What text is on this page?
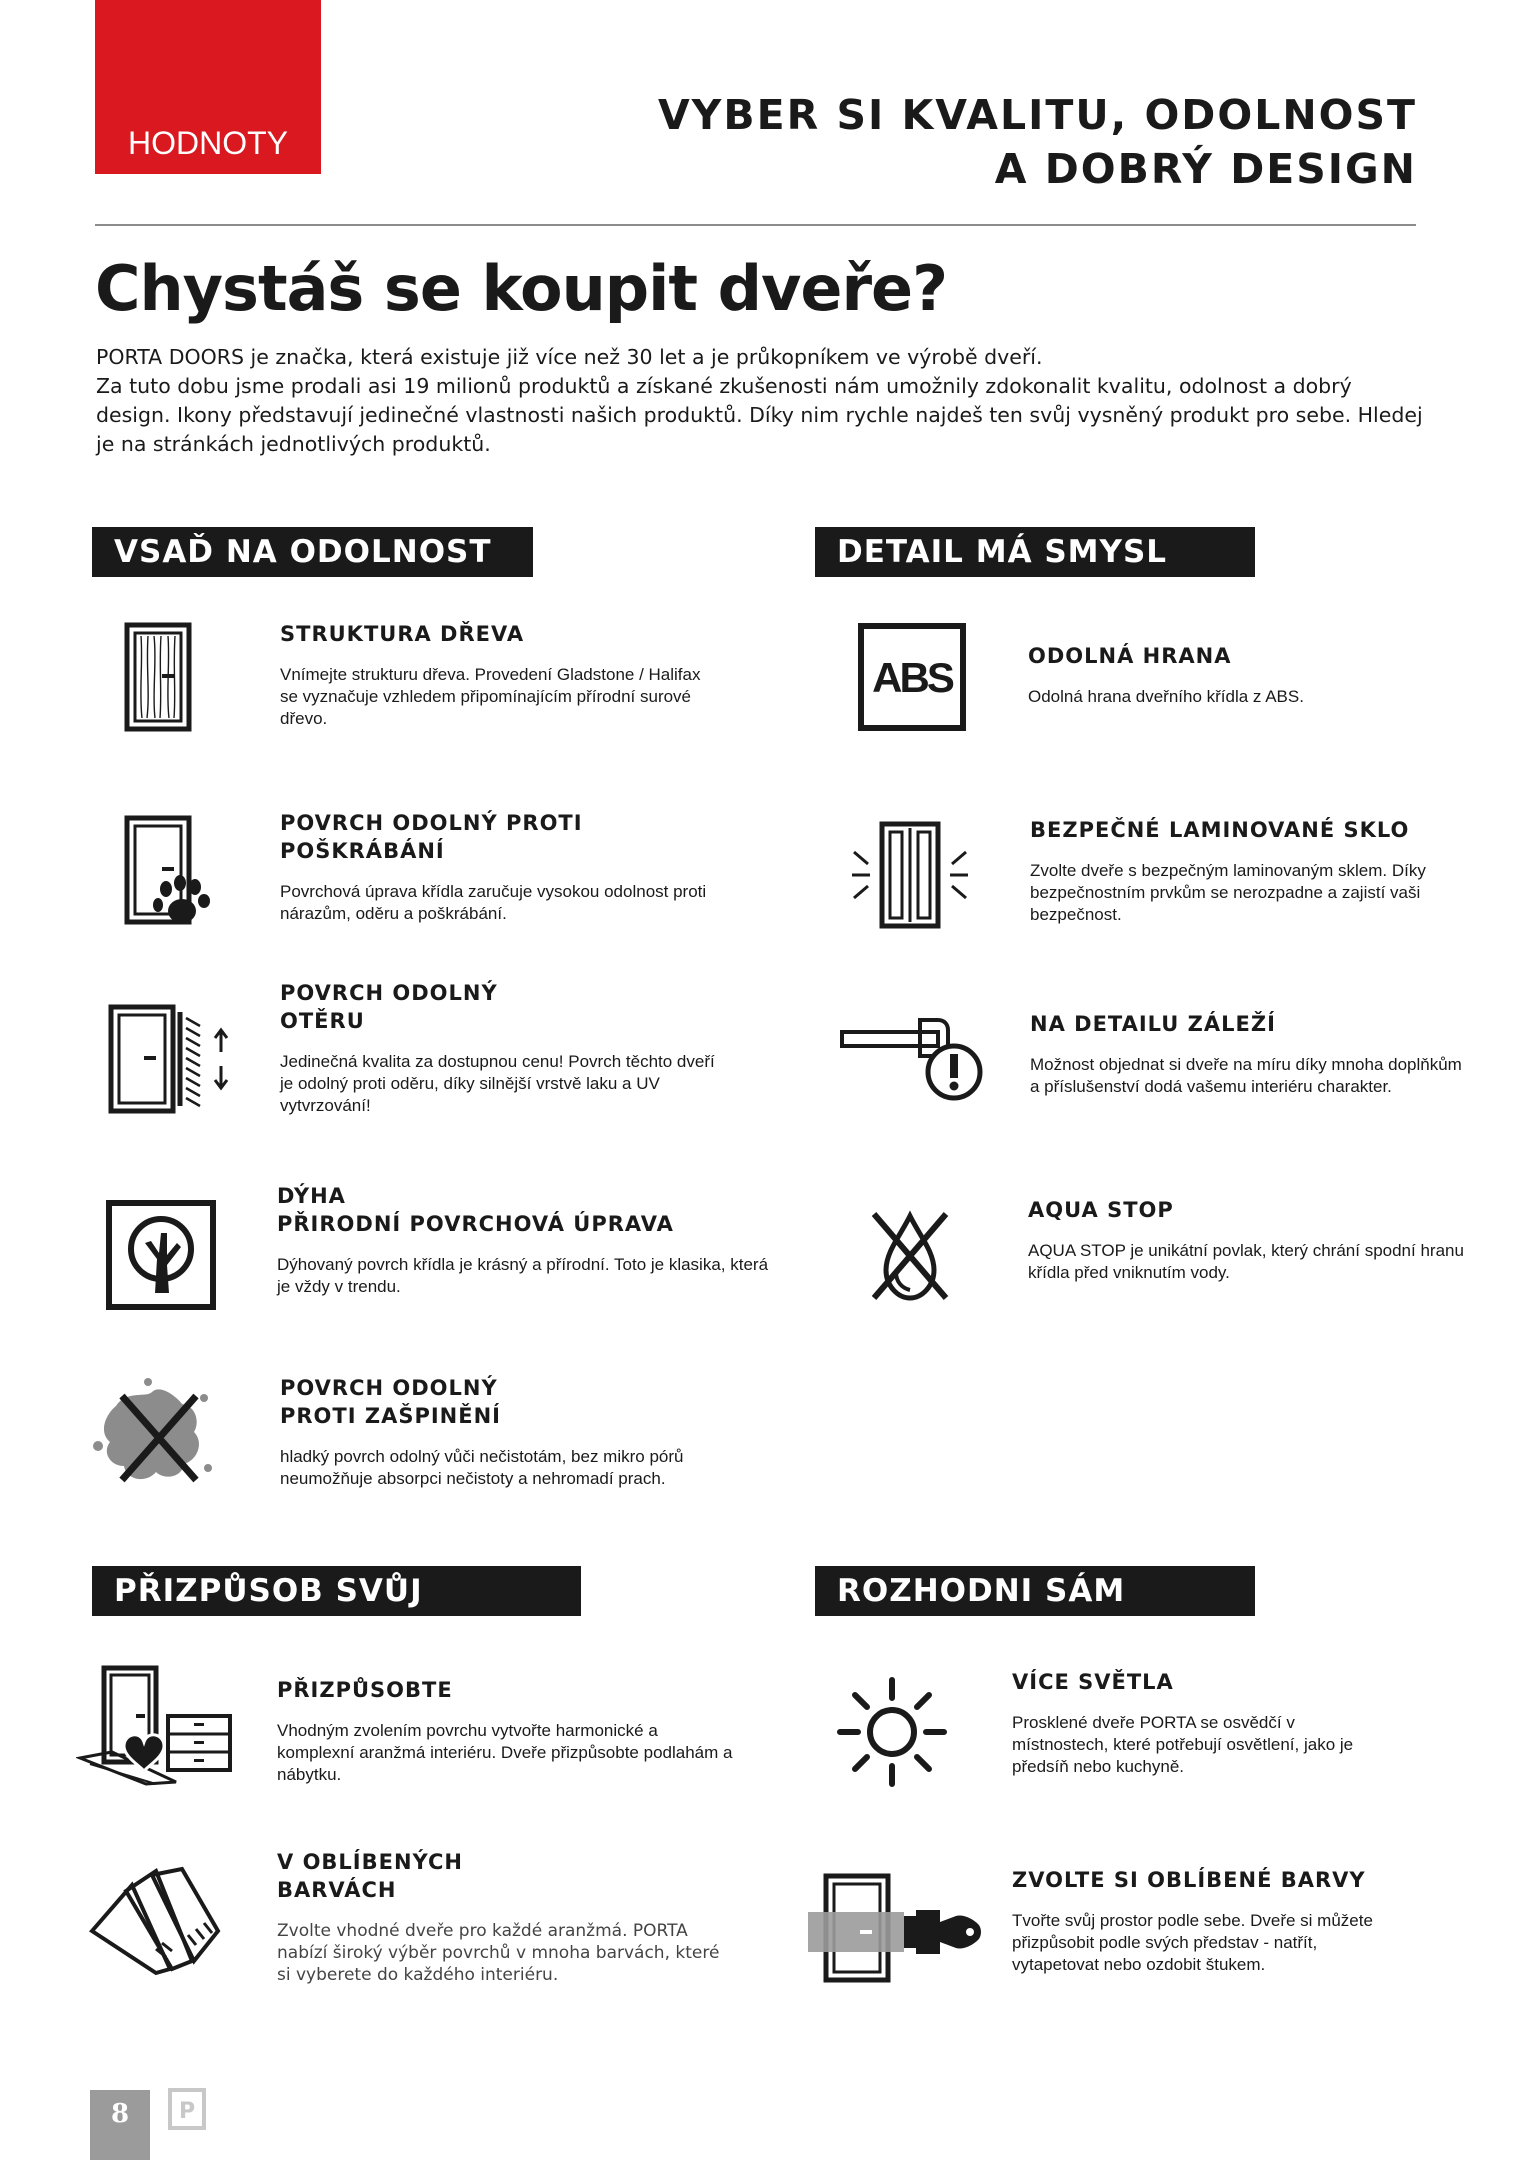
HODNOTY
VYBER SI KVALITU, ODOLNOST
A DOBRÝ DESIGN
Chystáš se koupit dveře?
PORTA DOORS je značka, která existuje již více než 30 let a je průkopníkem ve výrobě dveří.
Za tuto dobu jsme prodali asi 19 milionů produktů a získané zkušenosti nám umožnily zdokonalit kvalitu, odolnost a dobrý design. Ikony představují jedinečné vlastnosti našich produktů. Díky nim rychle najdeš ten svůj vysněný produkt pro sebe. Hledej je na stránkách jednotlivých produktů.
VSAĎ NA ODOLNOST	DETAIL MÁ SMYSL
PŘIZPŮSOB SVŮJ INTERIÉR
ROZHODNI SÁM
STRUKTURA DŘEVA
Vnímejte strukturu dřeva. Provedení Gladstone / Halifax se vyznačuje vzhledem připomínajícím přírodní surové dřevo.
POVRCH ODOLNÝ PROTI
POŠKRÁBÁNÍ
Povrchová úprava křídla zaručuje vysokou odolnost proti nárazům, oděru a poškrábání.
POVRCH ODOLNÝ
OTĚRU
Jedinečná kvalita za dostupnou cenu! Povrch těchto dveří je odolný proti oděru, díky silnější vrstvě laku a UV vytvrzování!
DÝHA
PŘIRODNÍ POVRCHOVÁ ÚPRAVA
Dýhovaný povrch křídla je krásný a přírodní. Toto je klasika, která je vždy v trendu.
POVRCH ODOLNÝ
PROTI ZAŠPINĚNÍ
hladký povrch odolný vůči nečistotám, bez mikro pórů neumožňuje absorpci nečistoty a nehromadí prach.
ABS	ODOLNÁ HRANA
Odolná hrana dveřního křídla z ABS.
BEZPEČNÉ LAMINOVANÉ SKLO
Zvolte dveře s bezpečným laminovaným sklem. Díky bezpečnostním prvkům se nerozpadne a zajistí vaši bezpečnost.
NA DETAILU ZÁLEŽÍ
Možnost objednat si dveře na míru díky mnoha doplňkům a příslušenství dodá vašemu interiéru charakter.
AQUA STOP
AQUA STOP je unikátní povlak, který chrání spodní hranu křídla před vniknutím vody.
PŘIZPŮSOBTE
Vhodným zvolením povrchu vytvořte harmonické a komplexní aranžmá interiéru. Dveře přizpůsobte podlahám a nábytku.
V OBLÍBENÝCH
BARVÁCH
Zvolte vhodné dveře pro každé aranžmá. PORTA nabízí široký výběr povrchů v mnoha barvách, které si vyberete do každého interiéru.
VÍCE SVĚTLA
Prosklené dveře PORTA se osvědčí v místnostech, které potřebují osvětlení, jako je předsíň nebo kuchyně.
ZVOLTE SI OBLÍBENÉ BARVY
Tvořte svůj prostor podle sebe. Dveře si můžete přizpůsobit podle svých představ - natřít, vytapetovat nebo ozdobit štukem.
8	P
